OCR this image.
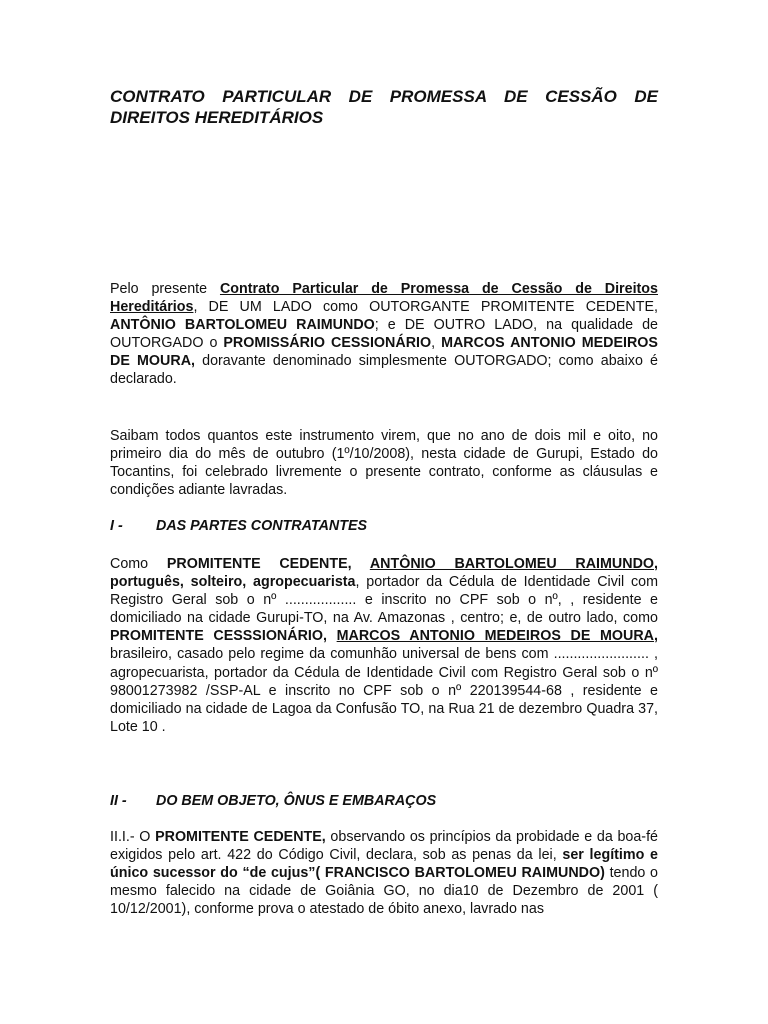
CONTRATO PARTICULAR DE PROMESSA DE CESSÃO DE DIREITOS HEREDITÁRIOS

Pelo presente Contrato Particular de Promessa de Cessão de Direitos Hereditários, DE UM LADO como OUTORGANTE PROMITENTE CEDENTE, ANTÔNIO BARTOLOMEU RAIMUNDO; e DE OUTRO LADO, na qualidade de OUTORGADO o PROMISSÁRIO CESSIONÁRIO, MARCOS ANTONIO MEDEIROS DE MOURA, doravante denominado simplesmente OUTORGADO; como abaixo é declarado.

Saibam todos quantos este instrumento virem, que no ano de dois mil e oito, no primeiro dia do mês de outubro (1º/10/2008), nesta cidade de Gurupi, Estado do Tocantins, foi celebrado livremente o presente contrato, conforme as cláusulas e condições adiante lavradas.

I - DAS PARTES CONTRATANTES

Como PROMITENTE CEDENTE, ANTÔNIO BARTOLOMEU RAIMUNDO, português, solteiro, agropecuarista, portador da Cédula de Identidade Civil com Registro Geral sob o nº .................. e inscrito no CPF sob o nº, , residente e domiciliado na cidade Gurupi-TO, na Av. Amazonas , centro; e, de outro lado, como PROMITENTE CESSSIONÁRIO, MARCOS ANTONIO MEDEIROS DE MOURA, brasileiro, casado pelo regime da comunhão universal de bens com ........................ , agropecuarista, portador da Cédula de Identidade Civil com Registro Geral sob o nº 98001273982 /SSP-AL e inscrito no CPF sob o nº 220139544-68 , residente e domiciliado na cidade de Lagoa da Confusão TO, na Rua 21 de dezembro Quadra 37, Lote 10 .

II - DO BEM OBJETO, ÔNUS E EMBARAÇOS

II.I.- O PROMITENTE CEDENTE, observando os princípios da probidade e da boa-fé exigidos pelo art. 422 do Código Civil, declara, sob as penas da lei, ser legítimo e único sucessor do “de cujus”( FRANCISCO BARTOLOMEU RAIMUNDO) tendo o mesmo falecido na cidade de Goiânia GO, no dia10 de Dezembro de 2001 ( 10/12/2001), conforme prova o atestado de óbito anexo, lavrado nas
